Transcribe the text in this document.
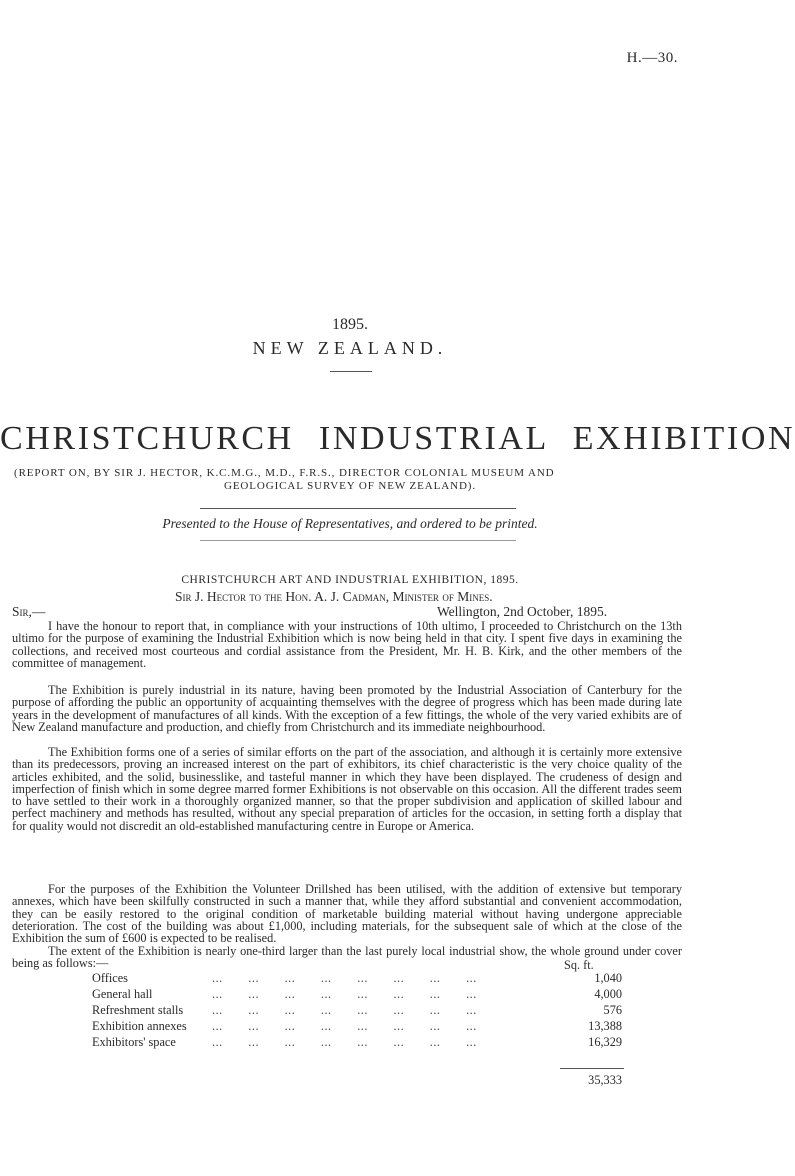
H.—30.
1895.
NEW ZEALAND.
CHRISTCHURCH INDUSTRIAL EXHIBITION
(REPORT ON, BY SIR J. HECTOR, K.C.M.G., M.D., F.R.S., DIRECTOR COLONIAL MUSEUM AND
GEOLOGICAL SURVEY OF NEW ZEALAND).
Presented to the House of Representatives, and ordered to be printed.
CHRISTCHURCH ART AND INDUSTRIAL EXHIBITION, 1895.
Sir J. Hector to the Hon. A. J. Cadman, Minister of Mines.
Sir,—	Wellington, 2nd October, 1895.

I have the honour to report that, in compliance with your instructions of 10th ultimo, I proceeded to Christchurch on the 13th ultimo for the purpose of examining the Industrial Exhibition which is now being held in that city. I spent five days in examining the collections, and received most courteous and cordial assistance from the President, Mr. H. B. Kirk, and the other members of the committee of management.

The Exhibition is purely industrial in its nature, having been promoted by the Industrial Association of Canterbury for the purpose of affording the public an opportunity of acquainting themselves with the degree of progress which has been made during late years in the development of manufactures of all kinds. With the exception of a few fittings, the whole of the very varied exhibits are of New Zealand manufacture and production, and chiefly from Christchurch and its immediate neighbourhood.

The Exhibition forms one of a series of similar efforts on the part of the association, and although it is certainly more extensive than its predecessors, proving an increased interest on the part of exhibitors, its chief characteristic is the very choice quality of the articles exhibited, and the solid, businesslike, and tasteful manner in which they have been displayed. The crudeness of design and imperfection of finish which in some degree marred former Exhibitions is not observable on this occasion. All the different trades seem to have settled to their work in a thoroughly organized manner, so that the proper subdivision and application of skilled labour and perfect machinery and methods has resulted, without any special preparation of articles for the occasion, in setting forth a display that for quality would not discredit an old-established manufacturing centre in Europe or America.

For the purposes of the Exhibition the Volunteer Drillshed has been utilised, with the addition of extensive but temporary annexes, which have been skilfully constructed in such a manner that, while they afford substantial and convenient accommodation, they can be easily restored to the original condition of marketable building material without having undergone appreciable deterioration. The cost of the building was about £1,000, including materials, for the subsequent sale of which at the close of the Exhibition the sum of £600 is expected to be realised.

The extent of the Exhibition is nearly one-third larger than the last purely local industrial show, the whole ground under cover being as follows:—	Sq. ft.
Offices	... ... ... ... ... ... ... ...	1,040
General hall	... ... ... ... ... ... ... ...	4,000
Refreshment stalls ... ... ... ... ... ... ... ...	576
Exhibition annexes ... ... ... ... ... ... ... ...	13,388
Exhibitors' space	... ... ... ... ... ... ... ...	16,329
35,333
